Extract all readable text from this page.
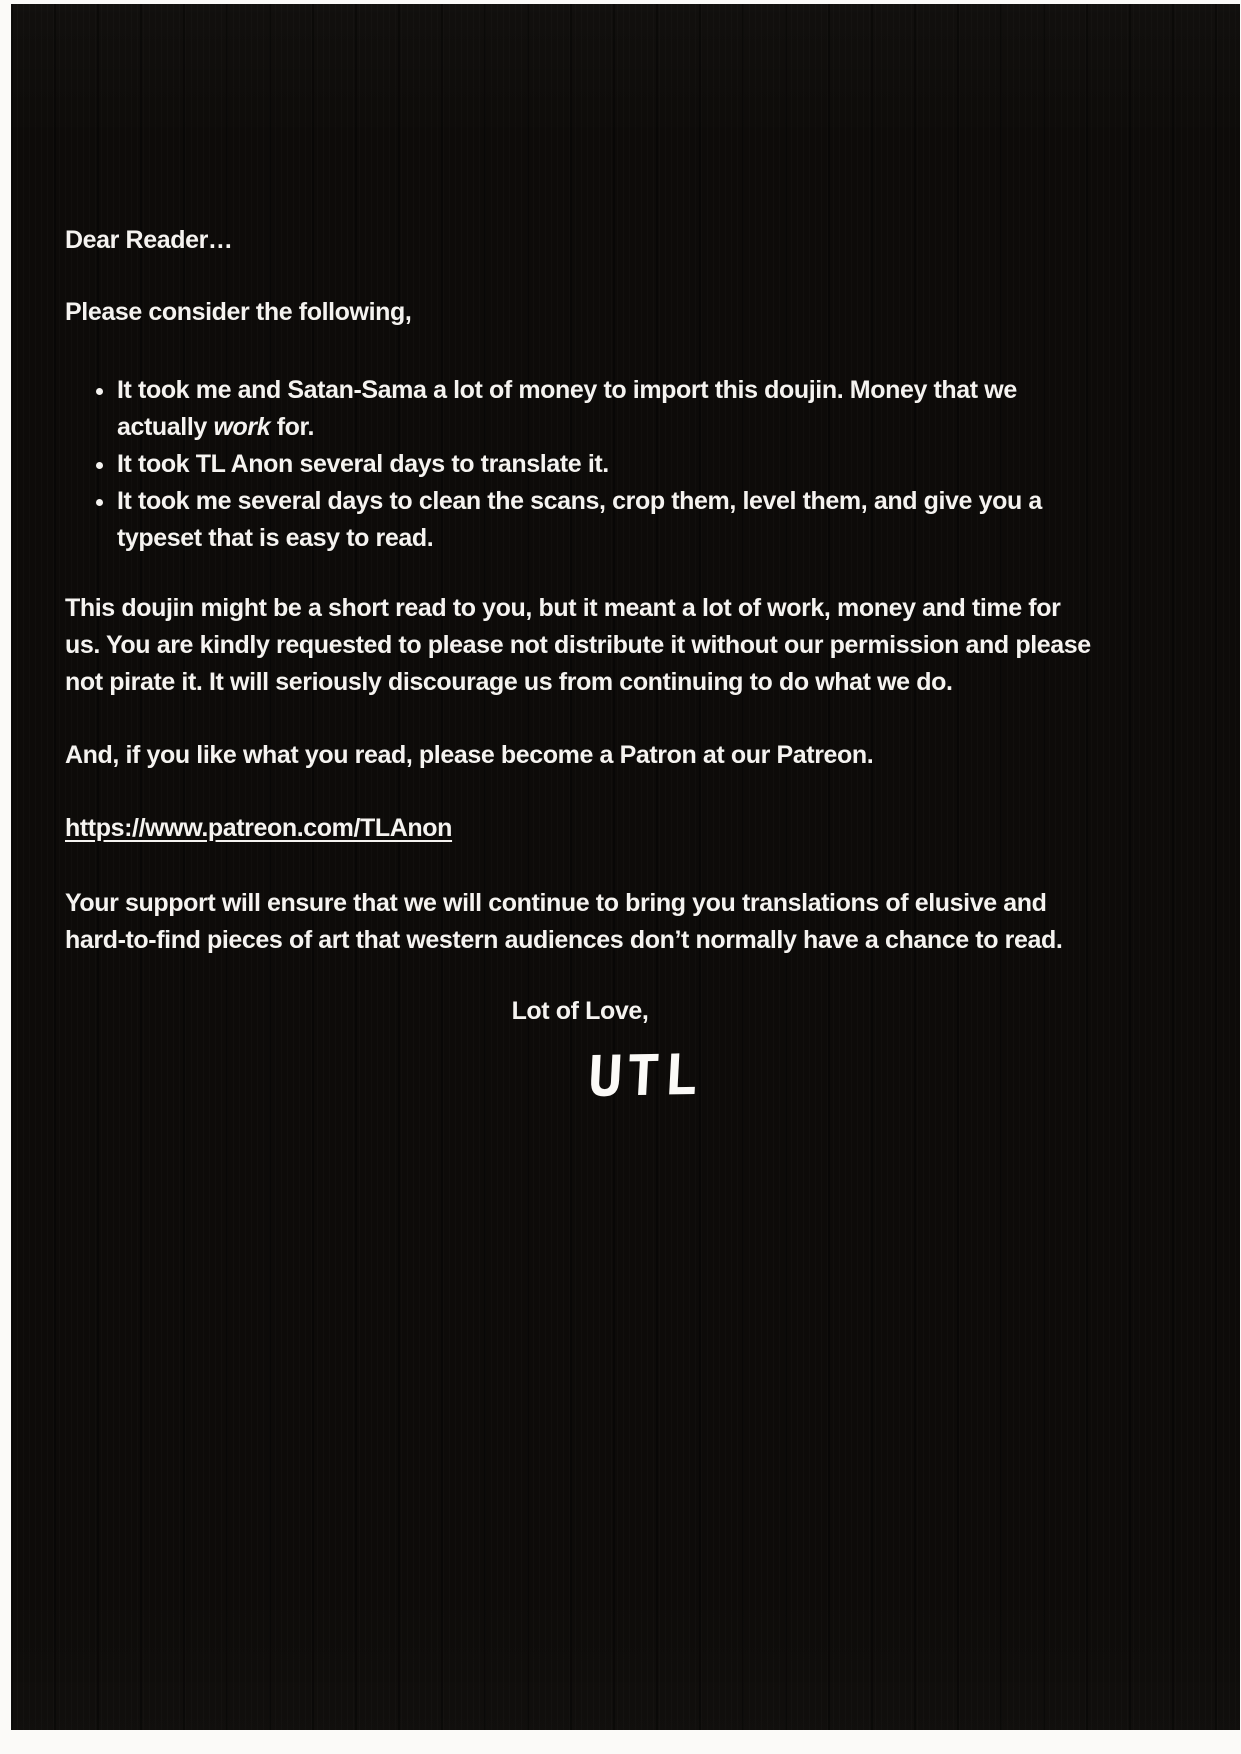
Dear Reader…

Please consider the following,

• It took me and Satan-Sama a lot of money to import this doujin. Money that we actually work for.
• It took TL Anon several days to translate it.
• It took me several days to clean the scans, crop them, level them, and give you a typeset that is easy to read.

This doujin might be a short read to you, but it meant a lot of work, money and time for us. You are kindly requested to please not distribute it without our permission and please not pirate it. It will seriously discourage us from continuing to do what we do.

And, if you like what you read, please become a Patron at our Patreon.

https://www.patreon.com/TLAnon

Your support will ensure that we will continue to bring you translations of elusive and hard-to-find pieces of art that western audiences don’t normally have a chance to read.

Lot of Love,

UTL
